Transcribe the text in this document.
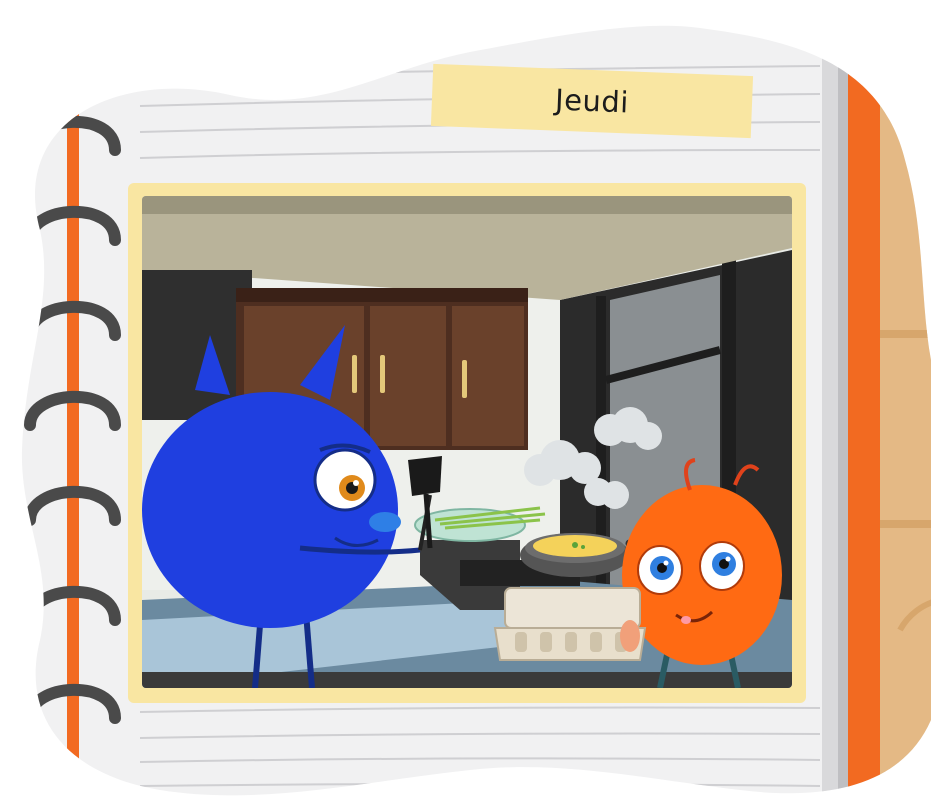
Jeudi
